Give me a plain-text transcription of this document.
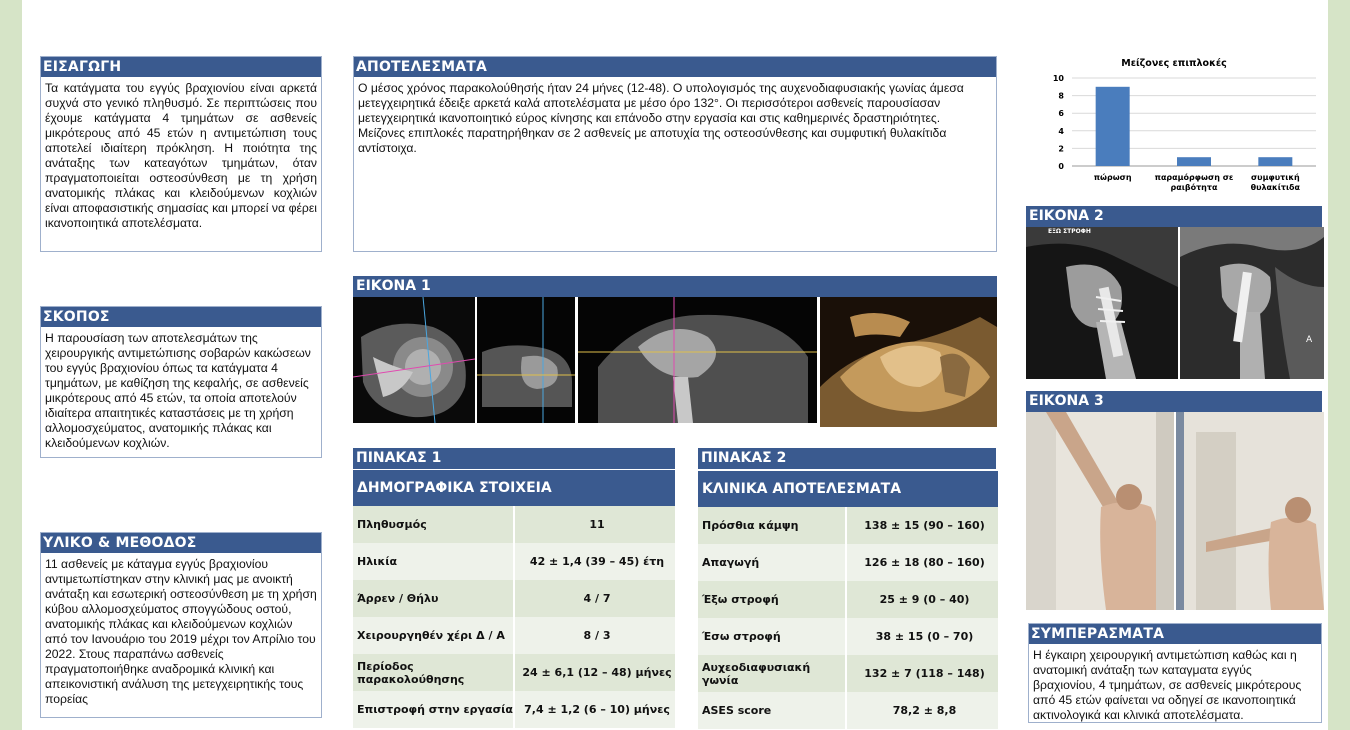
ΕΙΣΑΓΩΓΗ
Τα κατάγματα του εγγύς βραχιονίου είναι αρκετά συχνά στο γενικό πληθυσμό. Σε περιπτώσεις που έχουμε κατάγματα 4 τμημάτων σε ασθενείς μικρότερους από 45 ετών η αντιμετώπιση τους αποτελεί ιδιαίτερη πρόκληση. Η ποιότητα της ανάταξης των κατεαγότων τμημάτων, όταν πραγματοποιείται οστεοσύνθεση με τη χρήση ανατομικής πλάκας και κλειδούμενων κοχλιών είναι αποφασιστικής σημασίας και μπορεί να φέρει ικανοποιητικά αποτελέσματα.
ΣΚΟΠΟΣ
Η παρουσίαση των αποτελεσμάτων της χειρουργικής αντιμετώπισης σοβαρών κακώσεων του εγγύς βραχιονίου όπως τα κατάγματα 4 τμημάτων, με καθίζηση της κεφαλής, σε ασθενείς μικρότερους από 45 ετών, τα οποία αποτελούν ιδιαίτερα απαιτητικές καταστάσεις με τη χρήση αλλομοσχεύματος, ανατομικής πλάκας και κλειδούμενων κοχλιών.
ΥΛΙΚΟ & ΜΕΘΟΔΟΣ
11 ασθενείς με κάταγμα εγγύς βραχιονίου αντιμετωπίστηκαν στην κλινική μας με ανοικτή ανάταξη και εσωτερική οστεοσύνθεση με τη χρήση κύβου αλλομοσχεύματος σπογγώδους οστού, ανατομικής πλάκας και κλειδούμενων κοχλιών από τον Ιανουάριο του 2019 μέχρι τον Απρίλιο του 2022. Στους παραπάνω ασθενείς πραγματοποιήθηκε αναδρομικά κλινική και απεικονιστική ανάλυση της μετεγχειρητικής τους πορείας
ΑΠΟΤΕΛΕΣΜΑΤΑ
Ο μέσος χρόνος παρακολούθησής ήταν 24 μήνες (12-48). Ο υπολογισμός της αυχενοδιαφυσιακής γωνίας άμεσα μετεγχειρητικά έδειξε αρκετά καλά αποτελέσματα με μέσο όρο 132°. Οι περισσότεροι ασθενείς παρουσίασαν μετεγχειρητικά ικανοποιητικό εύρος κίνησης και επάνοδο στην εργασία και στις καθημερινές δραστηριότητες. Μείζονες επιπλοκές παρατηρήθηκαν σε 2 ασθενείς με αποτυχία της οστεοσύνθεσης και συμφυτική θυλακίτιδα αντίστοιχα.
ΕΙΚΟΝΑ 1
ΠΙΝΑΚΑΣ 1
ΔΗΜΟΓΡΑΦΙΚΑ ΣΤΟΙΧΕΙΑ
Πληθυσμός	11
Ηλικία	42 ± 1,4 (39 – 45) έτη
Άρρεν / Θήλυ	4 / 7
Χειρουργηθέν χέρι Δ / Α	8 / 3
Περίοδος παρακολούθησης	24 ± 6,1 (12 – 48) μήνες
Επιστροφή στην εργασία	7,4 ± 1,2 (6 – 10) μήνες
ΠΙΝΑΚΑΣ 2
ΚΛΙΝΙΚΑ ΑΠΟΤΕΛΕΣΜΑΤΑ
Πρόσθια κάμψη	138 ± 15 (90 – 160)
Απαγωγή	126 ± 18 (80 – 160)
Έξω στροφή	25 ± 9 (0 – 40)
Έσω στροφή	38 ± 15 (0 – 70)
Αυχεοδιαφυσιακή γωνία	132 ± 7 (118 – 148)
ASES score	78,2 ± 8,8
Μείζονες επιπλοκές
0
2
4
6
8
10
πώρωση	παραμόρφωση σε
ραιβότητα
συμφυτική
θυλακίτιδα
ΕΙΚΟΝΑ 2
ΕΞΩ ΣΤΡΟΦΗ
A
ΕΙΚΟΝΑ 3
ΣΥΜΠΕΡΑΣΜΑΤΑ
Η έγκαιρη χειρουργική αντιμετώπιση καθώς και η ανατομική ανάταξη των καταγματα εγγύς βραχιονίου, 4 τμημάτων, σε ασθενείς μικρότερους από 45 ετών φαίνεται να οδηγεί σε ικανοποιητικά ακτινολογικά και κλινικά αποτελέσματα.
